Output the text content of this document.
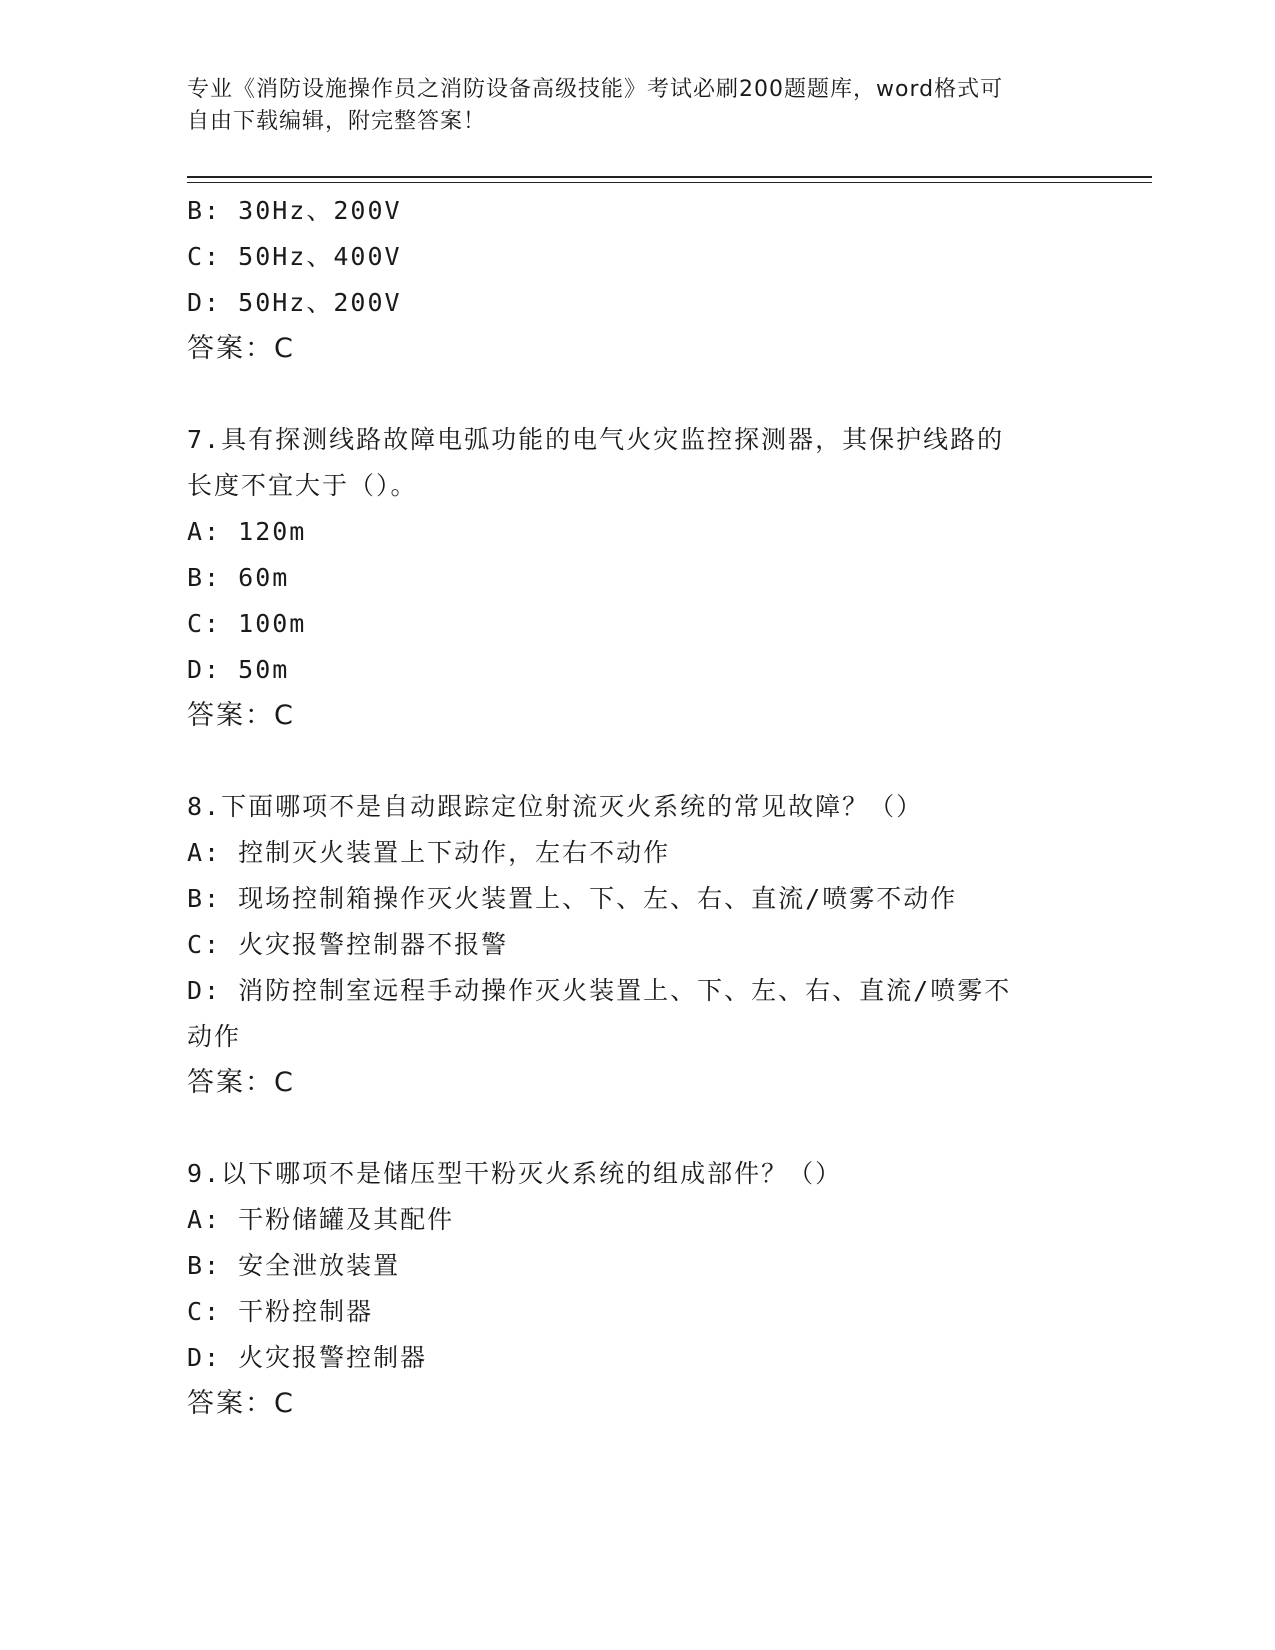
专业《消防设施操作员之消防设备高级技能》考试必刷200题题库，word格式可
自由下载编辑，附完整答案！
B: 30Hz、200V
C: 50Hz、400V
D: 50Hz、200V
答案：C
7.具有探测线路故障电弧功能的电气火灾监控探测器，其保护线路的
长度不宜大于（）。
A: 120m
B: 60m
C: 100m
D: 50m
答案：C
8.下面哪项不是自动跟踪定位射流灭火系统的常见故障？（）
A: 控制灭火装置上下动作，左右不动作
B: 现场控制箱操作灭火装置上、下、左、右、直流/喷雾不动作
C: 火灾报警控制器不报警
D: 消防控制室远程手动操作灭火装置上、下、左、右、直流/喷雾不
动作
答案：C
9.以下哪项不是储压型干粉灭火系统的组成部件？（）
A: 干粉储罐及其配件
B: 安全泄放装置
C: 干粉控制器
D: 火灾报警控制器
答案：C
